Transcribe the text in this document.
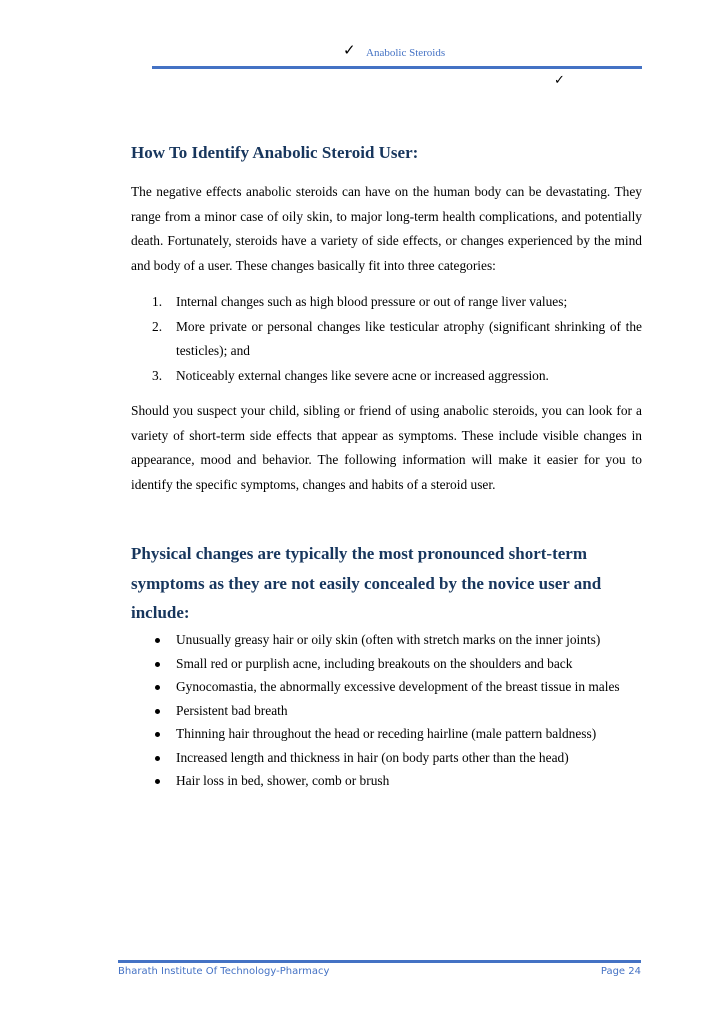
✓ Anabolic Steroids
✓
How To Identify Anabolic Steroid User:

The negative effects anabolic steroids can have on the human body can be devastating. They range from a minor case of oily skin, to major long-term health complications, and potentially death. Fortunately, steroids have a variety of side effects, or changes experienced by the mind and body of a user. These changes basically fit into three categories:

1. Internal changes such as high blood pressure or out of range liver values;
2. More private or personal changes like testicular atrophy (significant shrinking of the testicles); and
3. Noticeably external changes like severe acne or increased aggression.

Should you suspect your child, sibling or friend of using anabolic steroids, you can look for a variety of short-term side effects that appear as symptoms. These include visible changes in appearance, mood and behavior. The following information will make it easier for you to identify the specific symptoms, changes and habits of a steroid user.

Physical changes are typically the most pronounced short-term symptoms as they are not easily concealed by the novice user and include:

Unusually greasy hair or oily skin (often with stretch marks on the inner joints)
Small red or purplish acne, including breakouts on the shoulders and back
Gynocomastia, the abnormally excessive development of the breast tissue in males
Persistent bad breath
Thinning hair throughout the head or receding hairline (male pattern baldness)
Increased length and thickness in hair (on body parts other than the head)
Hair loss in bed, shower, comb or brush
Bharath Institute Of Technology-Pharmacy	Page 24
